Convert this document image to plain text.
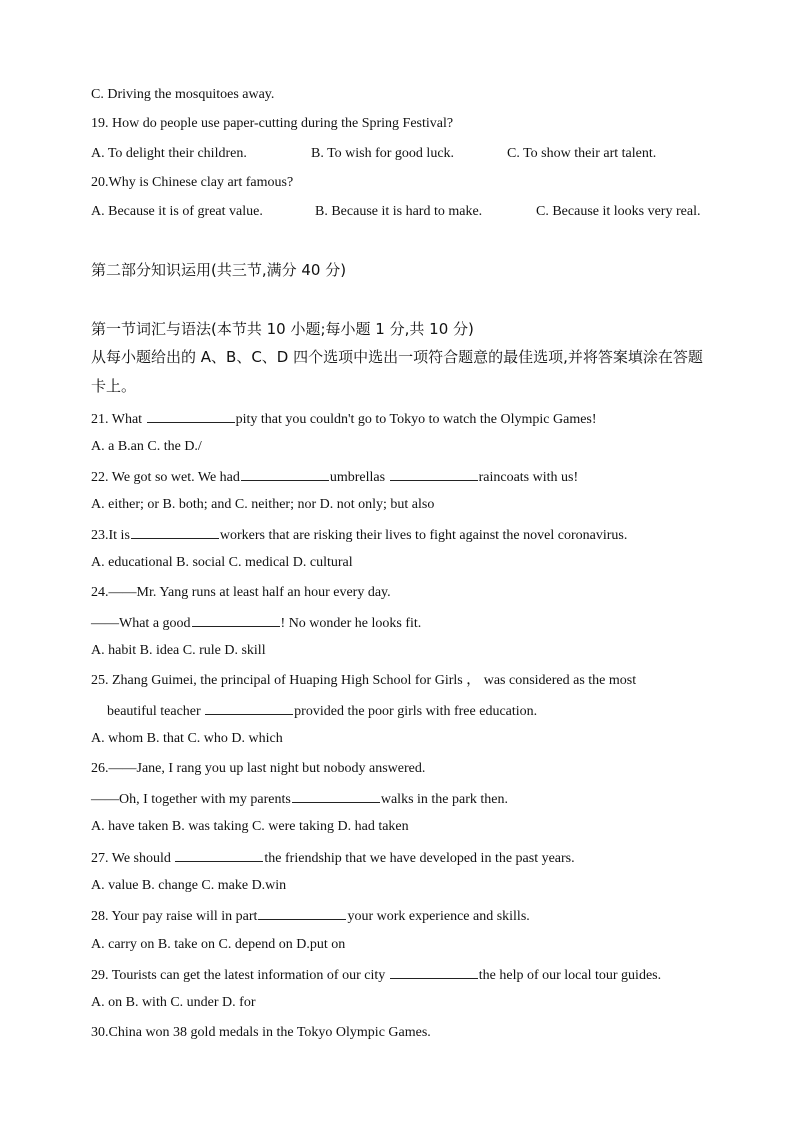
C. Driving the mosquitoes away.
19. How do people use paper-cutting during the Spring Festival?
A. To delight their children.	B. To wish for good luck.	C. To show their art talent.
20.Why is Chinese clay art famous?
A. Because it is of great value.	B. Because it is hard to make.	C. Because it looks very real.
第二部分知识运用(共三节,满分 40 分)
第一节词汇与语法(本节共 10 小题;每小题 1 分,共 10 分)
从每小题给出的 A、B、C、D 四个选项中选出一项符合题意的最佳选项,并将答案填涂在答题
卡上。
21. What	pity that you couldn't go to Tokyo to watch the Olympic Games!
A. a B.an C. the D./
22. We got so wet. We had	umbrellas	raincoats with us!
A. either; or B. both; and C. neither; nor D. not only; but also
23.It is	workers that are risking their lives to fight against the novel coronavirus.
A. educational B. social C. medical D. cultural
24.——Mr. Yang runs at least half an hour every day.
——What a good	! No wonder he looks fit.
A. habit B. idea C. rule D. skill
25. Zhang Guimei, the principal of Huaping High School for Girls ， was considered as the most
beautiful teacher	provided the poor girls with free education.
A. whom B. that C. who D. which
26.——Jane, I rang you up last night but nobody answered.
——Oh, I together with my parents	walks in the park then.
A. have taken B. was taking C. were taking D. had taken
27. We should	the friendship that we have developed in the past years.
A. value B. change C. make D.win
28. Your pay raise will in part	your work experience and skills.
A. carry on B. take on C. depend on D.put on
29. Tourists can get the latest information of our city	the help of our local tour guides.
A. on B. with C. under D. for
30.China won 38 gold medals in the Tokyo Olympic Games.
